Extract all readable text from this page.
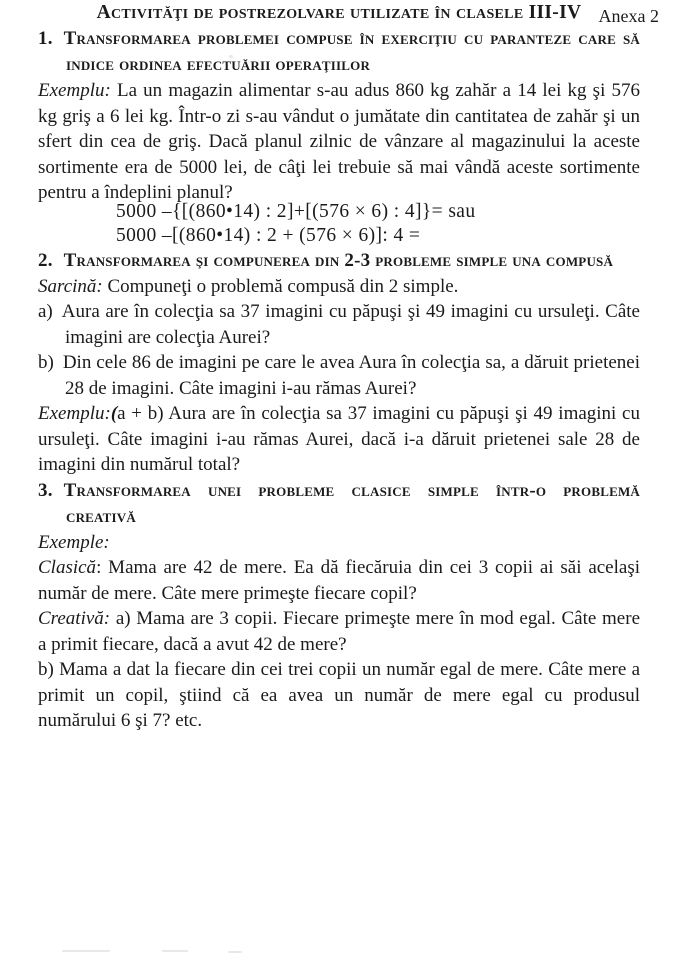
Anexa 2

Activităţi de postrezolvare utilizate în clasele III-IV

1. Transformarea problemei compuse în exerciţiu cu paranteze care să indice ordinea efectuării operaţiilor

Exemplu: La un magazin alimentar s-au adus 860 kg zahăr a 14 lei kg şi 576 kg griş a 6 lei kg. Într-o zi s-au vândut o jumătate din cantitatea de zahăr şi un sfert din cea de griş. Dacă planul zilnic de vânzare al magazinului la aceste sortimente era de 5000 lei, de câţi lei trebuie să mai vândă aceste sortimente pentru a îndeplini planul?

5000 –{[(860•14) : 2]+[(576 × 6) : 4]}= sau

5000 –[(860•14) : 2 + (576 × 6)]: 4 =

2. Transformarea şi compunerea din 2-3 probleme simple una compusă

Sarcină: Compuneţi o problemă compusă din 2 simple.

a) Aura are în colecţia sa 37 imagini cu păpuşi şi 49 imagini cu ursuleţi. Câte imagini are colecţia Aurei?

b) Din cele 86 de imagini pe care le avea Aura în colecţia sa, a dăruit prietenei 28 de imagini. Câte imagini i-au rămas Aurei?

Exemplu:(a + b) Aura are în colecţia sa 37 imagini cu păpuşi şi 49 imagini cu ursuleţi. Câte imagini i-au rămas Aurei, dacă i-a dăruit prietenei sale 28 de imagini din numărul total?

3. Transformarea unei probleme clasice simple într-o problemă creativă

Exemple:

Clasică: Mama are 42 de mere. Ea dă fiecăruia din cei 3 copii ai săi acelaşi număr de mere. Câte mere primeşte fiecare copil?

Creativă: a) Mama are 3 copii. Fiecare primeşte mere în mod egal. Câte mere a primit fiecare, dacă a avut 42 de mere?

b) Mama a dat la fiecare din cei trei copii un număr egal de mere. Câte mere a primit un copil, ştiind că ea avea un număr de mere egal cu produsul numărului 6 şi 7? etc.
